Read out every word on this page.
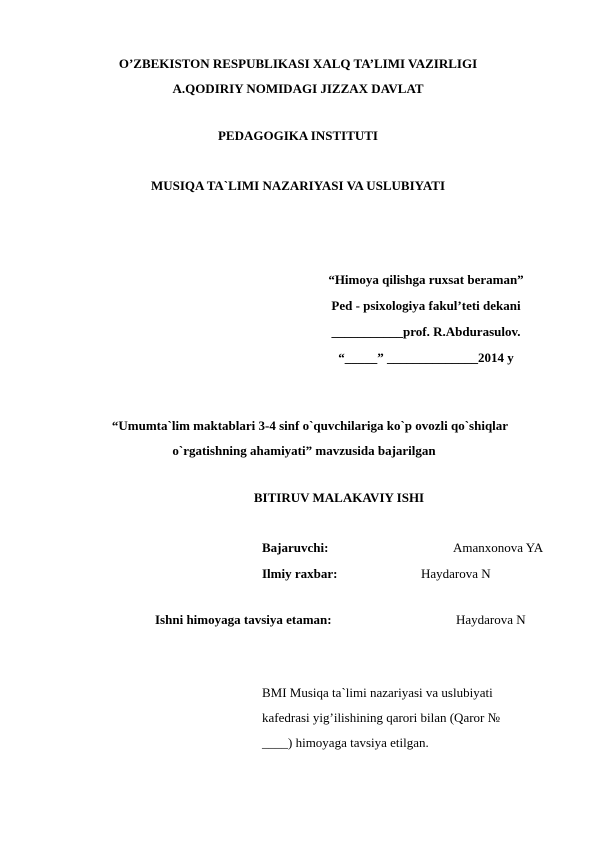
O’ZBEKISTON RESPUBLIKASI XALQ TA’LIMI VAZIRLIGI
A.QODIRIY NOMIDAGI JIZZAX DAVLAT
PEDAGOGIKA INSTITUTI
MUSIQA TA`LIMI NAZARIYASI VA USLUBIYATI
“Himoya qilishga ruxsat beraman”
Ped - psixologiya fakul’teti dekani
___________prof. R.Abdurasulov.
“_____” ______________2014 y
“Umumta`lim maktablari 3-4 sinf o`quvchilariga ko`p ovozli qo`shiqlar
o`rgatishning ahamiyati” mavzusida bajarilgan
BITIRUV MALAKAVIY ISHI
Bajaruvchi:	Amanxonova YA
Ilmiy raxbar:	Haydarova N
Ishni himoyaga tavsiya etaman:	Haydarova N
BMI Musiqa ta`limi nazariyasi va uslubiyati
kafedrasi yig’ilishining qarori bilan (Qaror №
____) himoyaga tavsiya etilgan.
